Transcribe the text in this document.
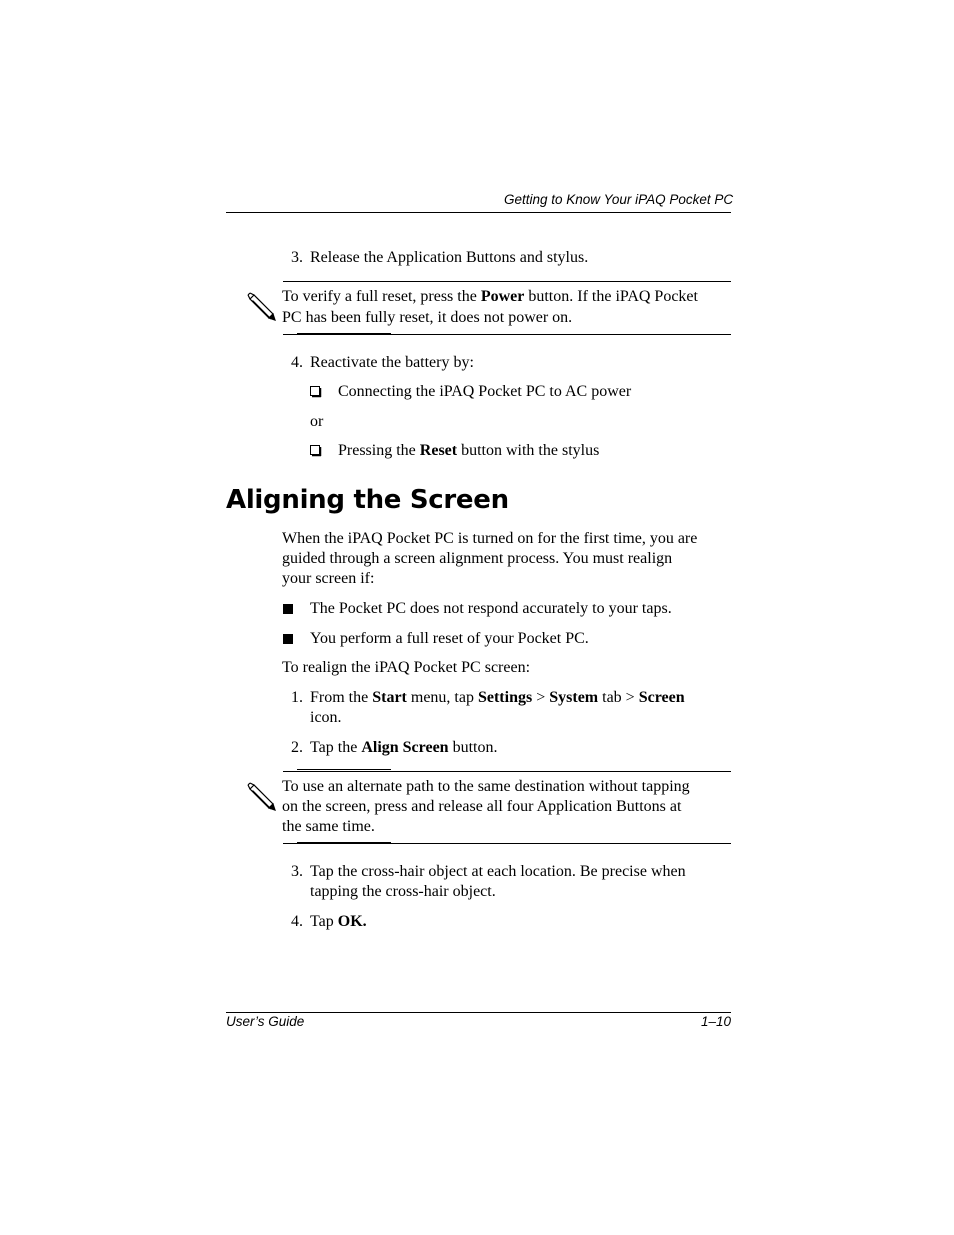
Getting to Know Your iPAQ Pocket PC
3. Release the Application Buttons and stylus.
To verify a full reset, press the Power button. If the iPAQ Pocket
PC has been fully reset, it does not power on.
4. Reactivate the battery by:
Connecting the iPAQ Pocket PC to AC power
or
Pressing the Reset button with the stylus
Aligning the Screen
When the iPAQ Pocket PC is turned on for the first time, you are
guided through a screen alignment process. You must realign
your screen if:
The Pocket PC does not respond accurately to your taps.
You perform a full reset of your Pocket PC.
To realign the iPAQ Pocket PC screen:
1. From the Start menu, tap Settings > System tab > Screen
icon.
2. Tap the Align Screen button.
To use an alternate path to the same destination without tapping
on the screen, press and release all four Application Buttons at
the same time.
3. Tap the cross-hair object at each location. Be precise when
tapping the cross-hair object.
4. Tap OK.
User’s Guide	1–10
